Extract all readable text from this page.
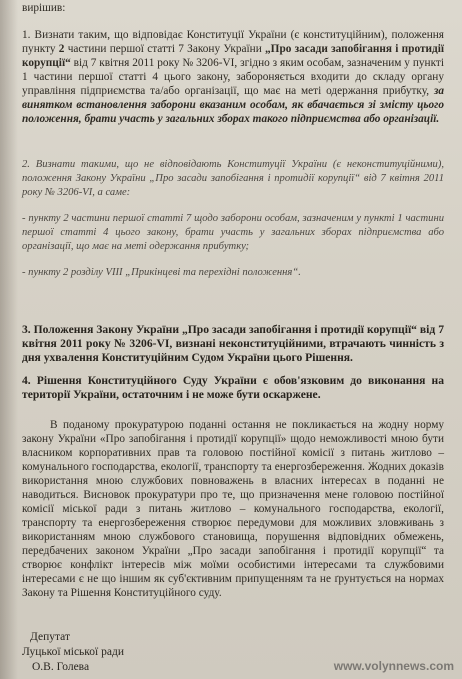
вирішив:
1. Визнати таким, що відповідає Конституції України (є конституційним), положення пункту 2 частини першої статті 7 Закону України „Про засади запобігання і протидії корупції“ від 7 квітня 2011 року № 3206-VI, згідно з яким особам, зазначеним у пункті 1 частини першої статті 4 цього закону, забороняється входити до складу органу управління підприємства та/або організації, що має на меті одержання прибутку, за винятком встановлення заборони вказаним особам, як вбачається зі змісту цього положення, брати участь у загальних зборах такого підприємства або організації.
2. Визнати такими, що не відповідають Конституції України (є неконституційними), положення Закону України „Про засади запобігання і протидії корупції“ від 7 квітня 2011 року № 3206-VI, а саме:
- пункту 2 частини першої статті 7 щодо заборони особам, зазначеним у пункті 1 частини першої статті 4 цього закону, брати участь у загальних зборах підприємства або організації, що має на меті одержання прибутку;
- пункту 2 розділу VIII „Прикінцеві та перехідні положення“.
3. Положення Закону України „Про засади запобігання і протидії корупції“ від 7 квітня 2011 року № 3206-VI, визнані неконституційними, втрачають чинність з дня ухвалення Конституційним Судом України цього Рішення.
4. Рішення Конституційного Суду України є обов'язковим до виконання на території України, остаточним і не може бути оскаржене.
В поданому прокуратурою поданні остання не покликається на жодну норму закону України «Про запобігання і протидії корупції» щодо неможливості мною бути власником корпоративних прав та головою постійної комісії з питань житлово – комунального господарства, екології, транспорту та енергозбереження. Жодних доказів використання мною службових повноважень в власних інтересах в поданні не наводиться. Висновок прокуратури про те, що призначення мене головою постійної комісії міської ради з питань житлово – комунального господарства, екології, транспорту та енергозбереження створює передумови для можливих зловживань з використанням мною службового становища, порушення відповідних обмежень, передбачених законом України „Про засади запобігання і протидії корупції“ та створює конфлікт інтересів між моїми особистими інтересами та службовими інтересами є не що іншим як суб'єктивним припущенням та не ґрунтується на нормах Закону та Рішення Конституційного суду.
Депутат
Луцької міської ради
О.В. Голева	www.volynnews.com
